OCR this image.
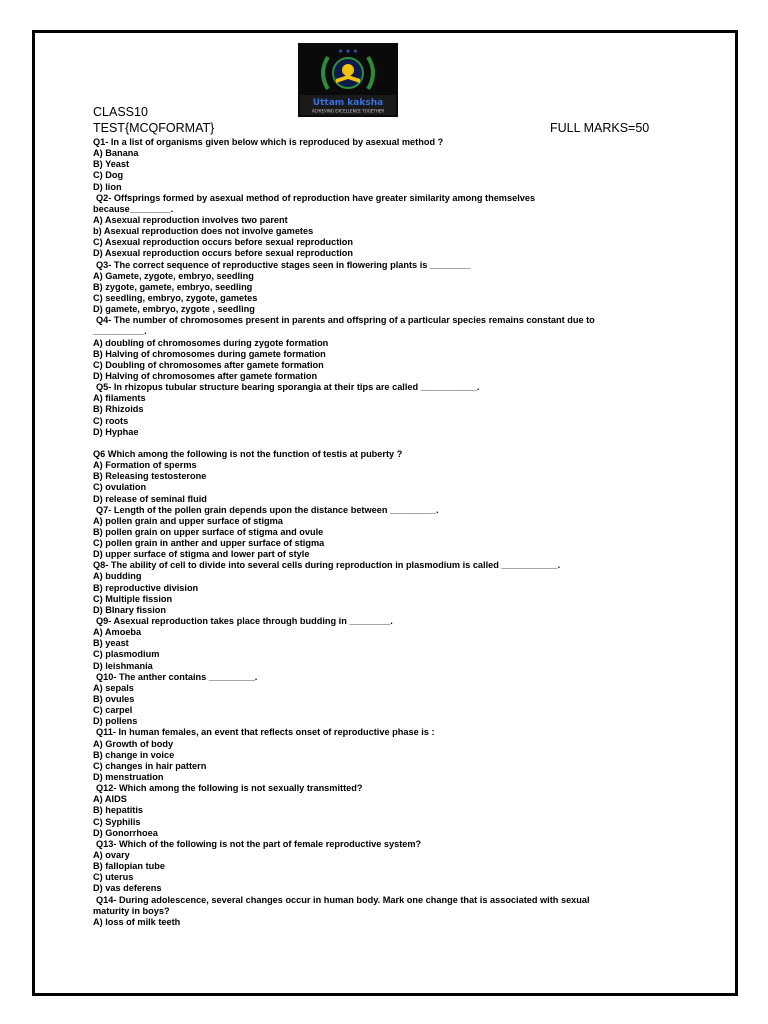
★ ★ ★
Uttam kaksha
ACHIEVING EXCELLENCE TOGETHER
CLASS10
TEST{MCQFORMAT}	FULL MARKS=50
Q1- In a list of organisms given below which is reproduced by asexual method ?
A) Banana
B) Yeast
C) Dog
D) lion
Q2- Offsprings formed by asexual method of reproduction have greater similarity among themselves
because________.
A) Asexual reproduction involves two parent
b) Asexual reproduction does not involve gametes
C) Asexual reproduction occurs before sexual reproduction
D) Asexual reproduction occurs before sexual reproduction
Q3- The correct sequence of reproductive stages seen in flowering plants is ________
A) Gamete, zygote, embryo, seedling
B) zygote, gamete, embryo, seedling
C) seedling, embryo, zygote, gametes
D) gamete, embryo, zygote , seedling
Q4- The number of chromosomes present in parents and offspring of a particular species remains constant due to
__________.
A) doubling of chromosomes during zygote formation
B) Halving of chromosomes during gamete formation
C) Doubling of chromosomes after gamete formation
D) Halving of chromosomes after gamete formation
Q5- In rhizopus tubular structure bearing sporangia at their tips are called ___________.
A) filaments
B) Rhizoids
C) roots
D) Hyphae
Q6 Which among the following is not the function of testis at puberty ?
A) Formation of sperms
B) Releasing testosterone
C) ovulation
D) release of seminal fluid
Q7- Length of the pollen grain depends upon the distance between _________.
A) pollen grain and upper surface of stigma
B) pollen grain on upper surface of stigma and ovule
C) pollen grain in anther and upper surface of stigma
D) upper surface of stigma and lower part of style
Q8- The ability of cell to divide into several cells during reproduction in plasmodium is called ___________.
A) budding
B) reproductive division
C) Multiple fission
D) BInary fission
Q9- Asexual reproduction takes place through budding in ________.
A) Amoeba
B) yeast
C) plasmodium
D) leishmania
Q10- The anther contains _________.
A) sepals
B) ovules
C) carpel
D) pollens
Q11- In human females, an event that reflects onset of reproductive phase is :
A) Growth of body
B) change in voice
C) changes in hair pattern
D) menstruation
Q12- Which among the following is not sexually transmitted?
A) AIDS
B) hepatitis
C) Syphilis
D) Gonorrhoea
Q13- Which of the following is not the part of female reproductive system?
A) ovary
B) fallopian tube
C) uterus
D) vas deferens
Q14- During adolescence, several changes occur in human body. Mark one change that is associated with sexual
maturity in boys?
A) loss of milk teeth
